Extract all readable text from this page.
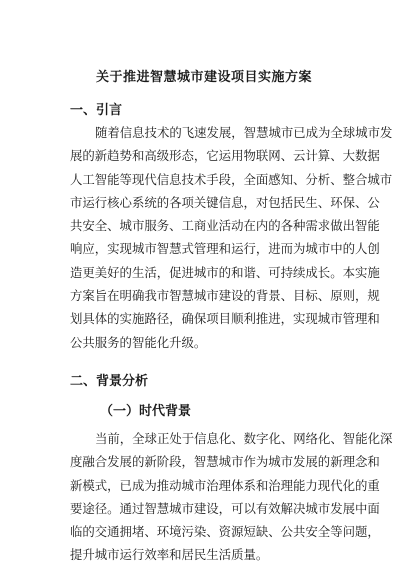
关于推进智慧城市建设项目实施方案
一、引言
随着信息技术的飞速发展，智慧城市已成为全球城市发
展的新趋势和高级形态，它运用物联网、云计算、大数据
人工智能等现代信息技术手段，全面感知、分析、整合城市
市运行核心系统的各项关键信息，对包括民生、环保、公
共安全、城市服务、工商业活动在内的各种需求做出智能
响应，实现城市智慧式管理和运行，进而为城市中的人创
造更美好的生活，促进城市的和谐、可持续成长。本实施
方案旨在明确我市智慧城市建设的背景、目标、原则，规
划具体的实施路径，确保项目顺利推进，实现城市管理和
公共服务的智能化升级。
二、背景分析
（一）时代背景
当前，全球正处于信息化、数字化、网络化、智能化深
度融合发展的新阶段，智慧城市作为城市发展的新理念和
新模式，已成为推动城市治理体系和治理能力现代化的重
要途径。通过智慧城市建设，可以有效解决城市发展中面
临的交通拥堵、环境污染、资源短缺、公共安全等问题，
提升城市运行效率和居民生活质量。
